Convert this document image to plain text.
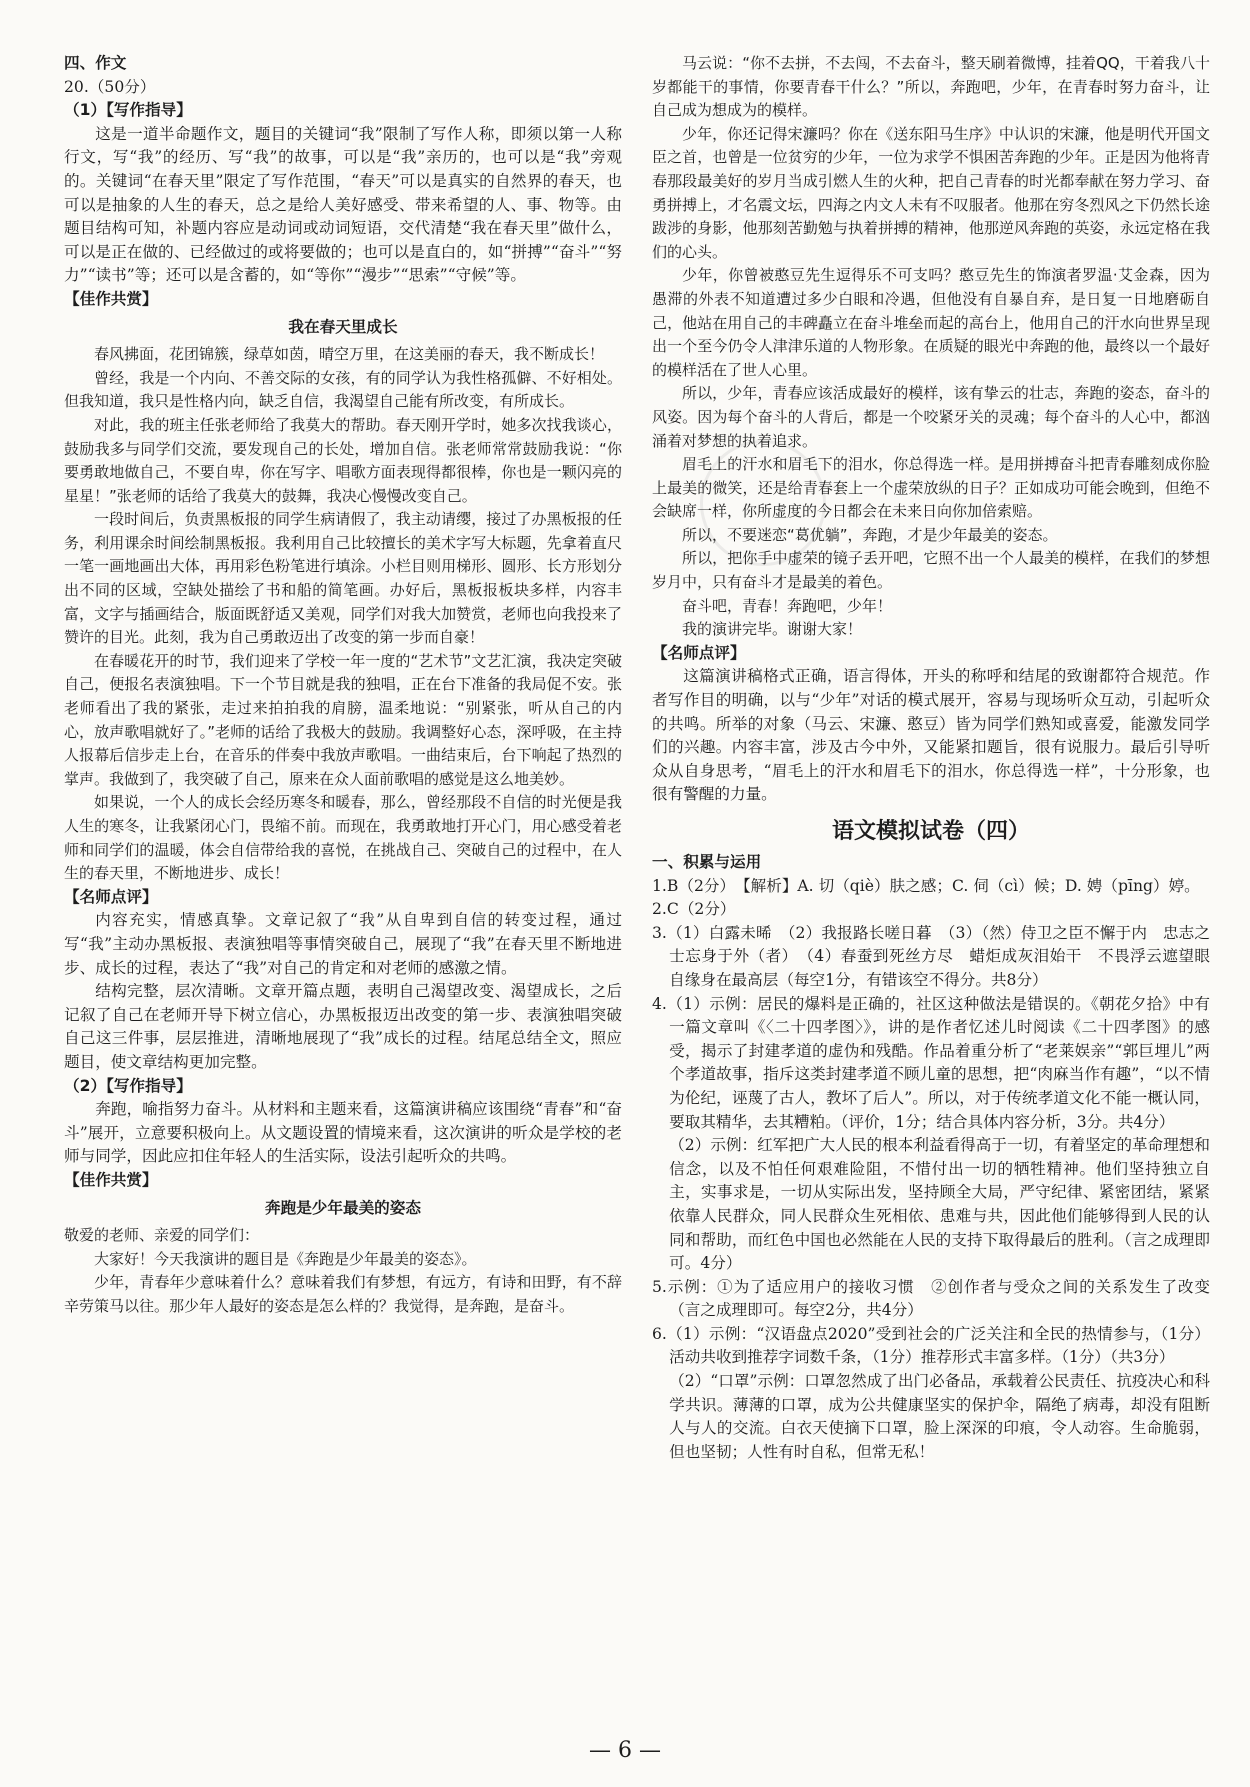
四、作文
20.（50分）
（1）【写作指导】

这是一道半命题作文，题目的关键词“我”限制了写作人称，即须以第一人称行文，写“我”的经历、写“我”的故事，可以是“我”亲历的，也可以是“我”旁观的。关键词“在春天里”限定了写作范围，“春天”可以是真实的自然界的春天，也可以是抽象的人生的春天，总之是给人美好感受、带来希望的人、事、物等。由题目结构可知，补题内容应是动词或动词短语，交代清楚“我在春天里”做什么，可以是正在做的、已经做过的或将要做的；也可以是直白的，如“拼搏”“奋斗”“努力”“读书”等；还可以是含蓄的，如“等你”“漫步”“思索”“守候”等。

【佳作共赏】
我在春天里成长

春风拂面，花团锦簇，绿草如茵，晴空万里，在这美丽的春天，我不断成长！

曾经，我是一个内向、不善交际的女孩，有的同学认为我性格孤僻、不好相处。但我知道，我只是性格内向，缺乏自信，我渴望自己能有所改变，有所成长。

对此，我的班主任张老师给了我莫大的帮助。春天刚开学时，她多次找我谈心，鼓励我多与同学们交流，要发现自己的长处，增加自信。张老师常常鼓励我说：“你要勇敢地做自己，不要自卑，你在写字、唱歌方面表现得都很棒，你也是一颗闪亮的星星！”张老师的话给了我莫大的鼓舞，我决心慢慢改变自己。

一段时间后，负责黑板报的同学生病请假了，我主动请缨，接过了办黑板报的任务，利用课余时间绘制黑板报。我利用自己比较擅长的美术字写大标题，先拿着直尺一笔一画地画出大体，再用彩色粉笔进行填涂。小栏目则用梯形、圆形、长方形划分出不同的区域，空缺处描绘了书和船的简笔画。办好后，黑板报板块多样，内容丰富，文字与插画结合，版面既舒适又美观，同学们对我大加赞赏，老师也向我投来了赞许的目光。此刻，我为自己勇敢迈出了改变的第一步而自豪！

在春暖花开的时节，我们迎来了学校一年一度的“艺术节”文艺汇演，我决定突破自己，便报名表演独唱。下一个节目就是我的独唱，正在台下准备的我局促不安。张老师看出了我的紧张，走过来拍拍我的肩膀，温柔地说：“别紧张，听从自己的内心，放声歌唱就好了。”老师的话给了我极大的鼓励。我调整好心态，深呼吸，在主持人报幕后信步走上台，在音乐的伴奏中我放声歌唱。一曲结束后，台下响起了热烈的掌声。我做到了，我突破了自己，原来在众人面前歌唱的感觉是这么地美妙。

如果说，一个人的成长会经历寒冬和暖春，那么，曾经那段不自信的时光便是我人生的寒冬，让我紧闭心门，畏缩不前。而现在，我勇敢地打开心门，用心感受着老师和同学们的温暖，体会自信带给我的喜悦，在挑战自己、突破自己的过程中，在人生的春天里，不断地进步、成长！

【名师点评】

内容充实，情感真挚。文章记叙了“我”从自卑到自信的转变过程，通过写“我”主动办黑板报、表演独唱等事情突破自己，展现了“我”在春天里不断地进步、成长的过程，表达了“我”对自己的肯定和对老师的感激之情。

结构完整，层次清晰。文章开篇点题，表明自己渴望改变、渴望成长，之后记叙了自己在老师开导下树立信心，办黑板报迈出改变的第一步、表演独唱突破自己这三件事，层层推进，清晰地展现了“我”成长的过程。结尾总结全文，照应题目，使文章结构更加完整。

（2）【写作指导】

奔跑，喻指努力奋斗。从材料和主题来看，这篇演讲稿应该围绕“青春”和“奋斗”展开，立意要积极向上。从文题设置的情境来看，这次演讲的听众是学校的老师与同学，因此应扣住年轻人的生活实际，设法引起听众的共鸣。

【佳作共赏】
奔跑是少年最美的姿态

敬爱的老师、亲爱的同学们：

大家好！今天我演讲的题目是《奔跑是少年最美的姿态》。

少年，青春年少意味着什么？意味着我们有梦想，有远方，有诗和田野，有不辞辛劳策马以往。那少年人最好的姿态是怎么样的？我觉得，是奔跑，是奋斗。

马云说：“你不去拼，不去闯，不去奋斗，整天刷着微博，挂着QQ，干着我八十岁都能干的事情，你要青春干什么？”所以，奔跑吧，少年，在青春时努力奋斗，让自己成为想成为的模样。

少年，你还记得宋濂吗？你在《送东阳马生序》中认识的宋濂，他是明代开国文臣之首，也曾是一位贫穷的少年，一位为求学不惧困苦奔跑的少年。正是因为他将青春那段最美好的岁月当成引燃人生的火种，把自己青春的时光都奉献在努力学习、奋勇拼搏上，才名震文坛，四海之内文人未有不叹服者。他那在穷冬烈风之下仍然长途跋涉的身影，他那刻苦勤勉与执着拼搏的精神，他那逆风奔跑的英姿，永远定格在我们的心头。

少年，你曾被憨豆先生逗得乐不可支吗？憨豆先生的饰演者罗温·艾金森，因为愚滞的外表不知道遭过多少白眼和冷遇，但他没有自暴自弃，是日复一日地磨砺自己，他站在用自己的丰碑矗立在奋斗堆垒而起的高台上，他用自己的汗水向世界呈现出一个至今仍令人津津乐道的人物形象。在质疑的眼光中奔跑的他，最终以一个最好的模样活在了世人心里。

所以，少年，青春应该活成最好的模样，该有挚云的壮志，奔跑的姿态，奋斗的风姿。因为每个奋斗的人背后，都是一个咬紧牙关的灵魂；每个奋斗的人心中，都汹涌着对梦想的执着追求。

眉毛上的汗水和眉毛下的泪水，你总得选一样。是用拼搏奋斗把青春雕刻成你脸上最美的微笑，还是给青春套上一个虚荣放纵的日子？正如成功可能会晚到，但绝不会缺席一样，你所虚度的今日都会在未来日向你加倍索赔。

所以，不要迷恋“葛优躺”，奔跑，才是少年最美的姿态。

所以，把你手中虚荣的镜子丢开吧，它照不出一个人最美的模样，在我们的梦想岁月中，只有奋斗才是最美的着色。

奋斗吧，青春！奔跑吧，少年！

我的演讲完毕。谢谢大家！

【名师点评】

这篇演讲稿格式正确，语言得体，开头的称呼和结尾的致谢都符合规范。作者写作目的明确，以与“少年”对话的模式展开，容易与现场听众互动，引起听众的共鸣。所举的对象（马云、宋濂、憨豆）皆为同学们熟知或喜爱，能激发同学们的兴趣。内容丰富，涉及古今中外，又能紧扣题旨，很有说服力。最后引导听众从自身思考，“眉毛上的汗水和眉毛下的泪水，你总得选一样”，十分形象，也很有警醒的力量。

语文模拟试卷（四）
一、积累与运用
1.B（2分）　【解析】A. 切（qiè）肤之感；C. 伺（cì）候；D. 娉（pīng）婷。
2.C（2分）
3.（1）白露未晞　（2）我报路长嗟日暮　（3）（然）侍卫之臣不懈于内　忠志之士忘身于外（者）　（4）春蚕到死丝方尽　蜡炬成灰泪始干　不畏浮云遮望眼　自缘身在最高层（每空1分，有错该空不得分。共8分）
4.（1）示例：居民的爆料是正确的，社区这种做法是错误的。《朝花夕拾》中有一篇文章叫《〈二十四孝图〉》，讲的是作者忆述儿时阅读《二十四孝图》的感受，揭示了封建孝道的虚伪和残酷。作品着重分析了“老莱娱亲”“郭巨埋儿”两个孝道故事，指斥这类封建孝道不顾儿童的思想，把“肉麻当作有趣”，“以不情为伦纪，诬蔑了古人，教坏了后人”。所以，对于传统孝道文化不能一概认同，要取其精华，去其糟粕。（评价，1分；结合具体内容分析，3分。共4分）
（2）示例：红军把广大人民的根本利益看得高于一切，有着坚定的革命理想和信念，以及不怕任何艰难险阻，不惜付出一切的牺牲精神。他们坚持独立自主，实事求是，一切从实际出发，坚持顾全大局，严守纪律、紧密团结，紧紧依靠人民群众，同人民群众生死相依、患难与共，因此他们能够得到人民的认同和帮助，而红色中国也必然能在人民的支持下取得最后的胜利。（言之成理即可。4分）
5.示例：①为了适应用户的接收习惯　②创作者与受众之间的关系发生了改变（言之成理即可。每空2分，共4分）
6.（1）示例：“汉语盘点2020”受到社会的广泛关注和全民的热情参与，（1分）活动共收到推荐字词数千条，（1分）推荐形式丰富多样。（1分）（共3分）
（2）“口罩”示例：口罩忽然成了出门必备品，承载着公民责任、抗疫决心和科学共识。薄薄的口罩，成为公共健康坚实的保护伞，隔绝了病毒，却没有阻断人与人的交流。白衣天使摘下口罩，脸上深深的印痕，令人动容。生命脆弱，但也坚韧；人性有时自私，但常无私！
— 6 —
